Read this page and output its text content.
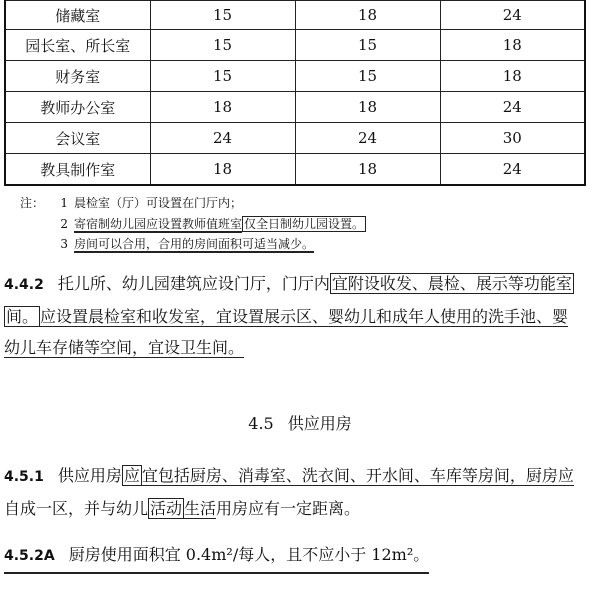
储藏室	15	18	24
园长室、所长室	15	15	18
财务室	15	15	18
教师办公室	18	18	24
会议室	24	24	30
教具制作室	18	18	24
注： 1 晨检室（厅）可设置在门厅内；
2 寄宿制幼儿园应设置教师值班室 仅全日制幼儿园设置。
3 房间可以合用，合用的房间面积可适当减少。
4.4.2 托儿所、幼儿园建筑应设门厅，门厅内 宜附设收发、晨检、展示等功能室
间。 应设置晨检室和收发室，宜设置展示区、婴幼儿和成年人使用的洗手池、婴
幼儿车存储等空间，宜设卫生间。
4.5 供应用房
4.5.1 供应用房 应 宜包括厨房、消毒室、洗衣间、开水间、车库等房间，厨房应
自成一区，并与幼儿 活动 生活用房应有一定距离。
4.5.2A 厨房使用面积宜 0.4m²/每人，且不应小于 12m²。
